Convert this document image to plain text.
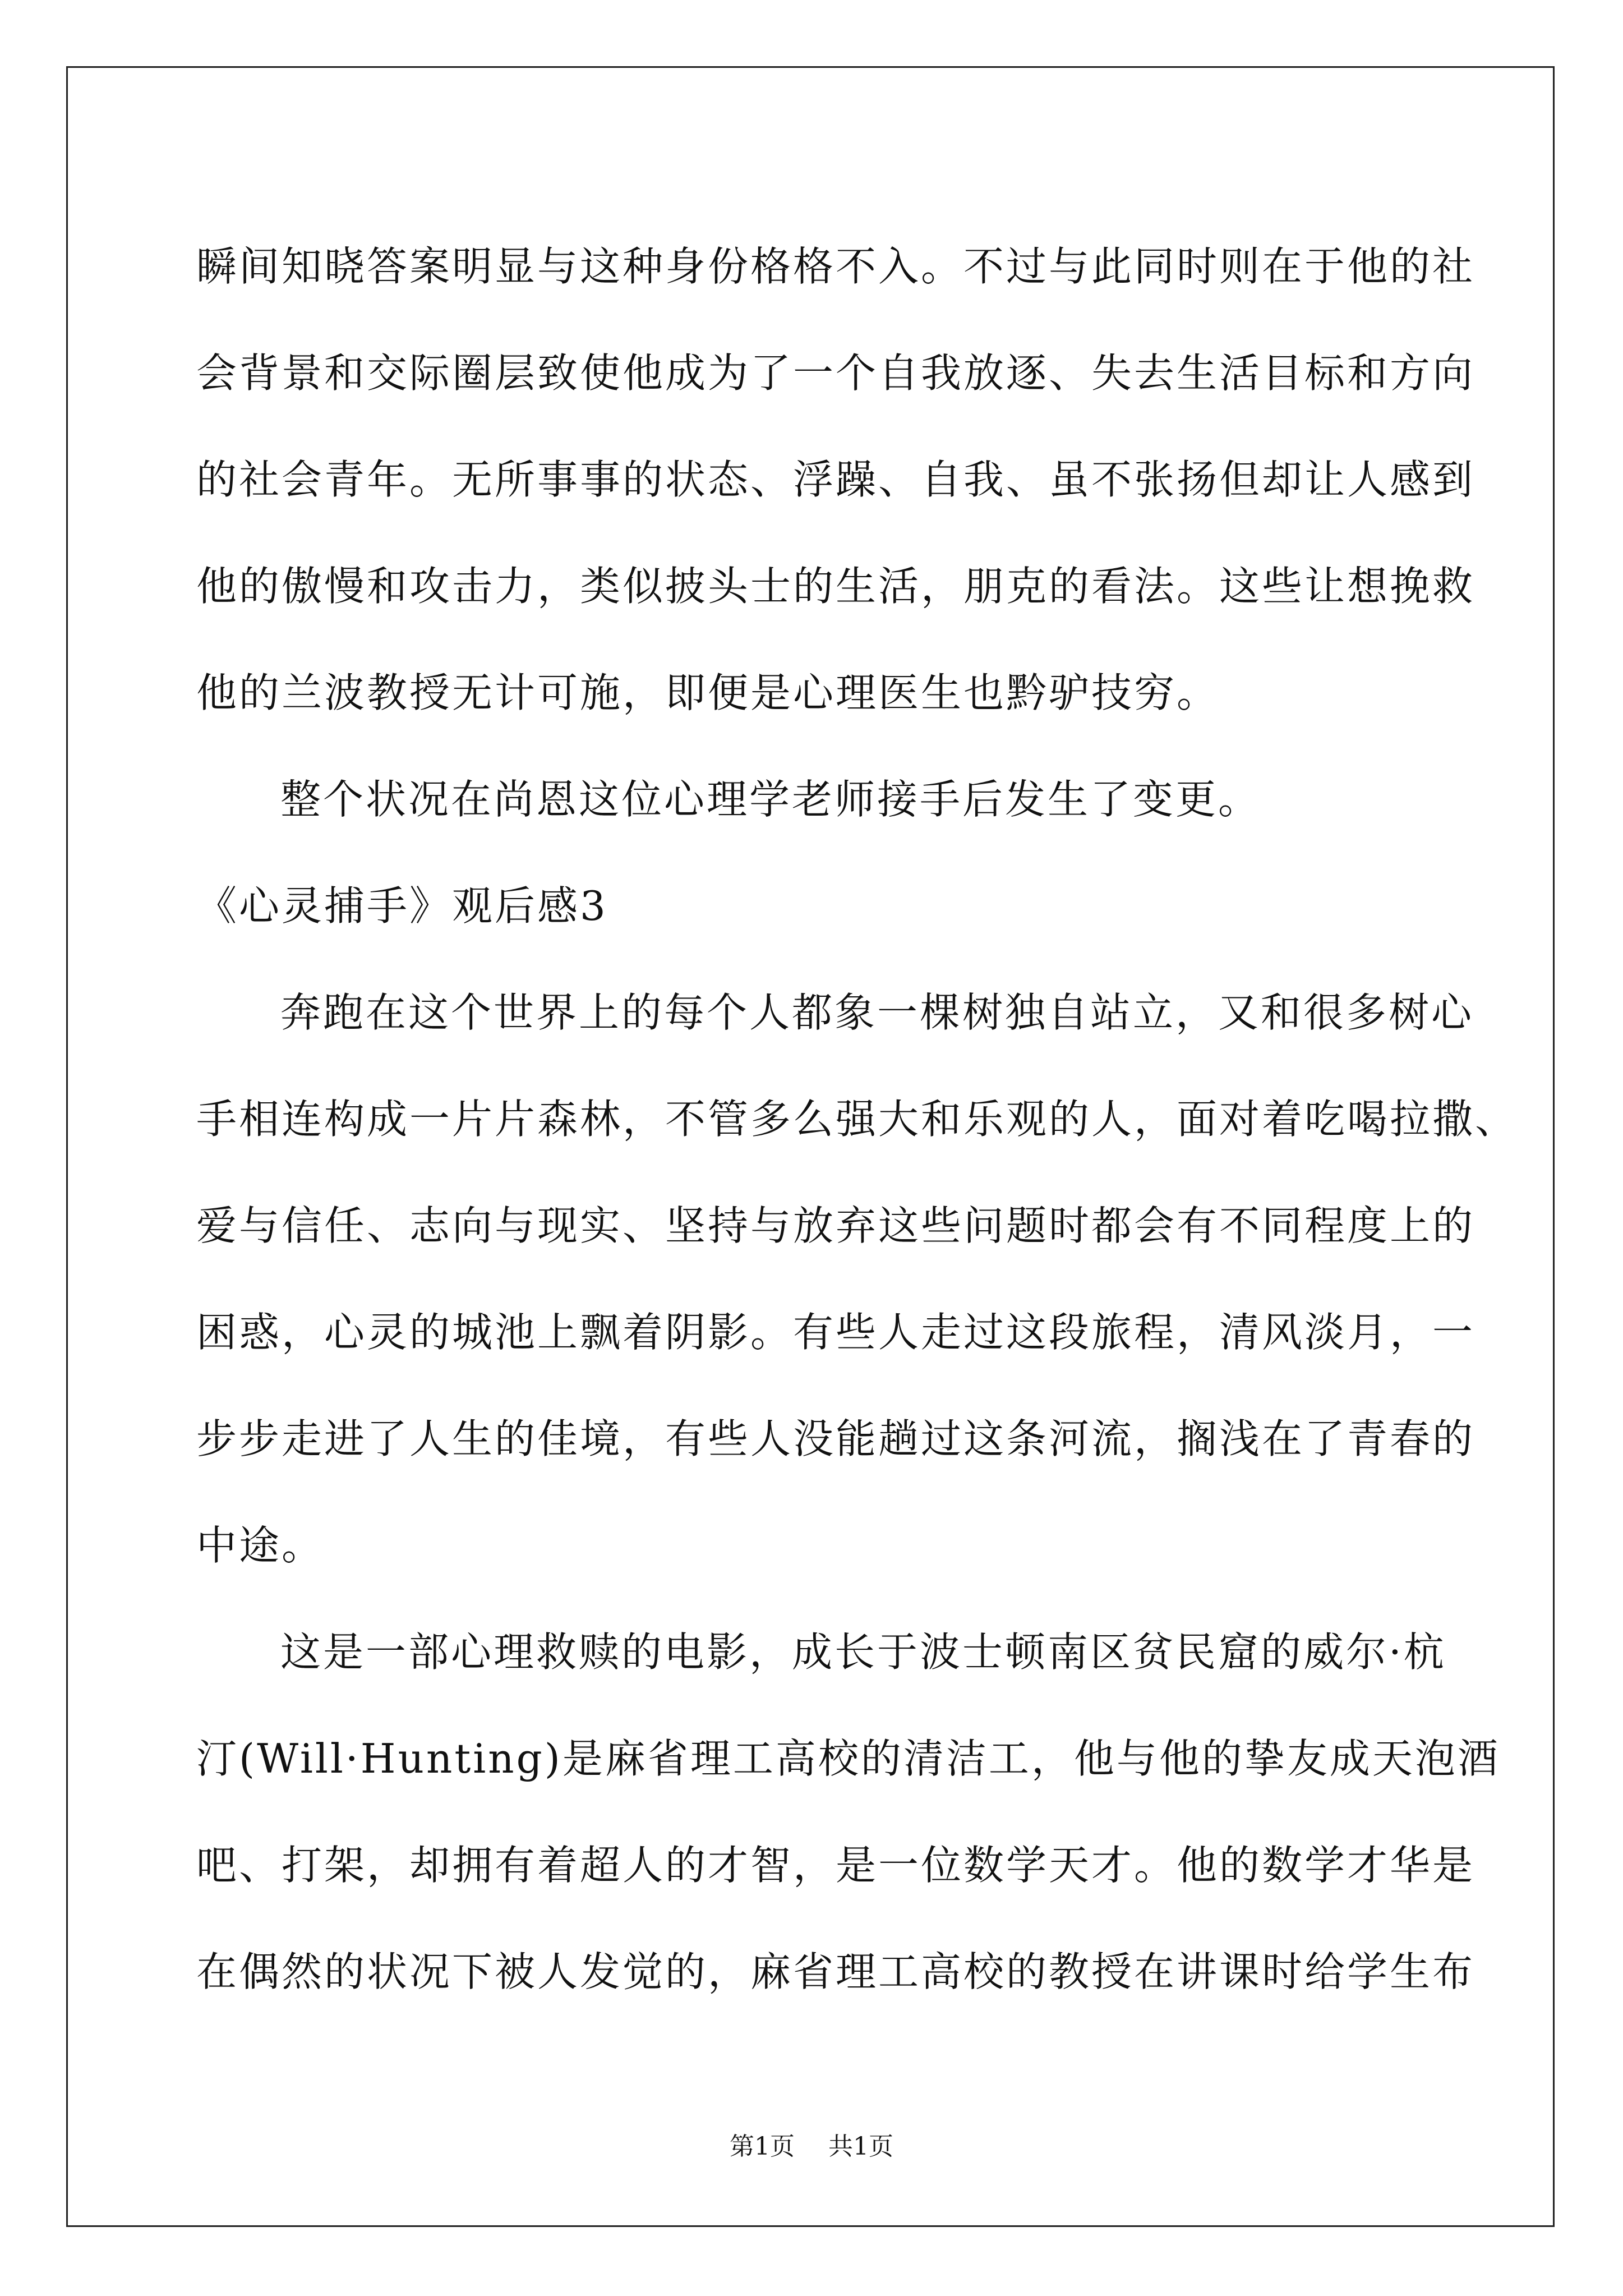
瞬间知晓答案明显与这种身份格格不入。不过与此同时则在于他的社
会背景和交际圈层致使他成为了一个自我放逐、失去生活目标和方向
的社会青年。无所事事的状态、浮躁、自我、虽不张扬但却让人感到
他的傲慢和攻击力，类似披头士的生活，朋克的看法。这些让想挽救
他的兰波教授无计可施，即便是心理医生也黔驴技穷。
整个状况在尚恩这位心理学老师接手后发生了变更。
《心灵捕手》观后感3
奔跑在这个世界上的每个人都象一棵树独自站立，又和很多树心
手相连构成一片片森林，不管多么强大和乐观的人，面对着吃喝拉撒、
爱与信任、志向与现实、坚持与放弃这些问题时都会有不同程度上的
困惑，心灵的城池上飘着阴影。有些人走过这段旅程，清风淡月，一
步步走进了人生的佳境，有些人没能趟过这条河流，搁浅在了青春的
中途。
这是一部心理救赎的电影，成长于波士顿南区贫民窟的威尔·杭
汀(Will·Hunting)是麻省理工高校的清洁工，他与他的挚友成天泡酒
吧、打架，却拥有着超人的才智，是一位数学天才。他的数学才华是
在偶然的状况下被人发觉的，麻省理工高校的教授在讲课时给学生布
第1页 共1页
